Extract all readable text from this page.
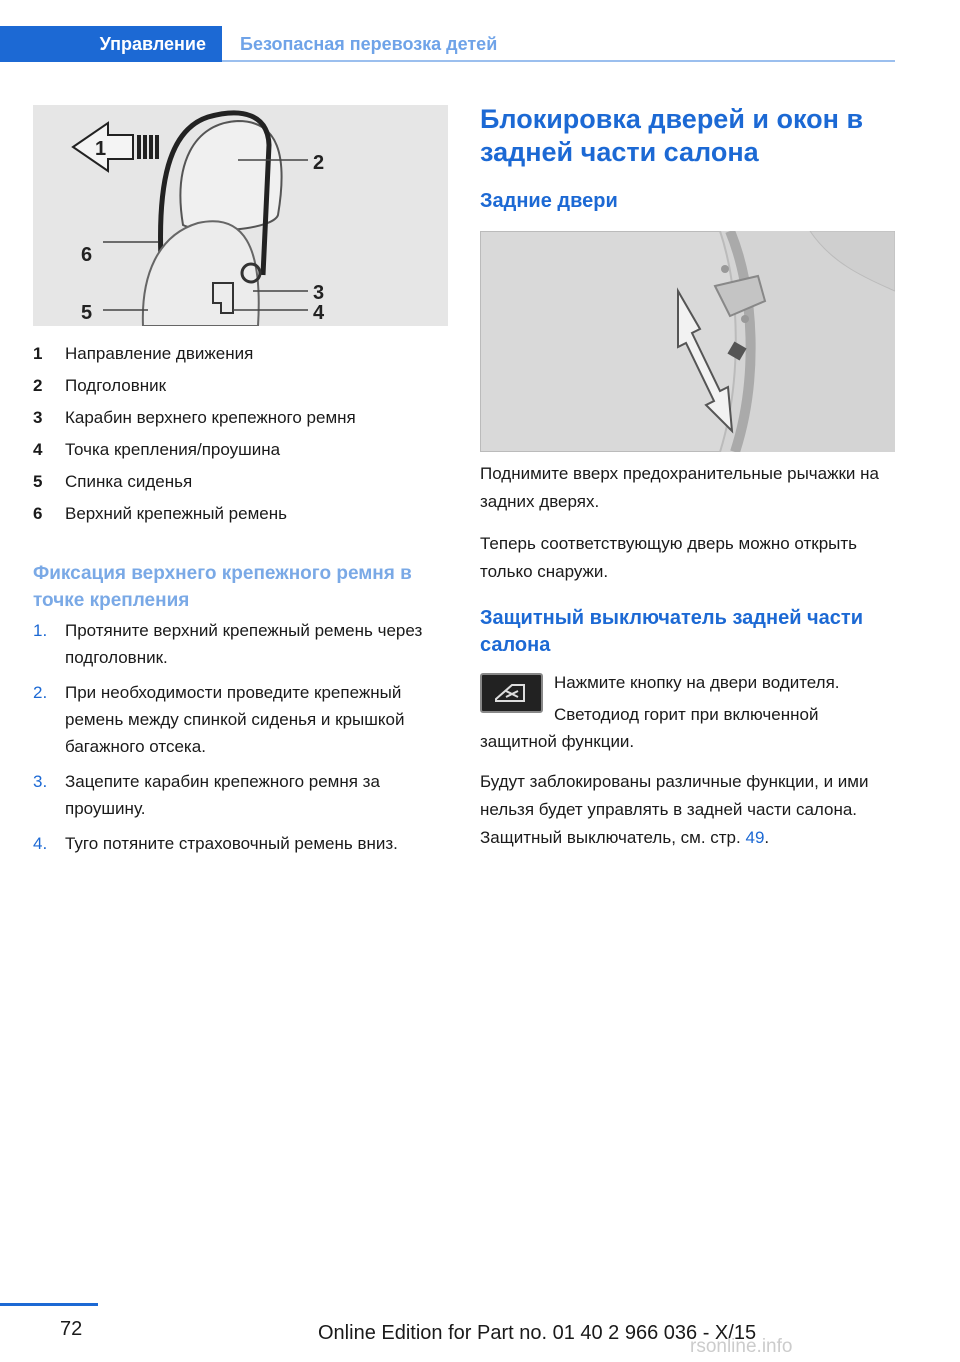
Управление	Безопасная перевозка детей
1
2
3
4
5
6
1	Направление движения
2	Подголовник
3	Карабин верхнего крепежного ремня
4	Точка крепления/проушина
5	Спинка сиденья
6	Верхний крепежный ремень
Фиксация верхнего крепежного ремня в точке крепления
1.	Протяните верхний крепежный ремень через подголовник.
2.	При необходимости проведите крепежный ремень между спинкой сиденья и крышкой багажного отсека.
3.	Зацепите карабин крепежного ремня за проушину.
4.	Туго потяните страховочный ремень вниз.
Блокировка дверей и окон в задней части салона
Задние двери
Поднимите вверх предохранительные рычажки на задних дверях.
Теперь соответствующую дверь можно открыть только снаружи.
Защитный выключатель задней части салона
Нажмите кнопку на двери водителя.
Светодиод горит при включенной
защитной функции.
Будут заблокированы различные функции, и ими нельзя будет управлять в задней части салона. Защитный выключатель, см. стр. 49.
72	Online Edition for Part no. 01 40 2 966 036 - X/15
rsonline.info
